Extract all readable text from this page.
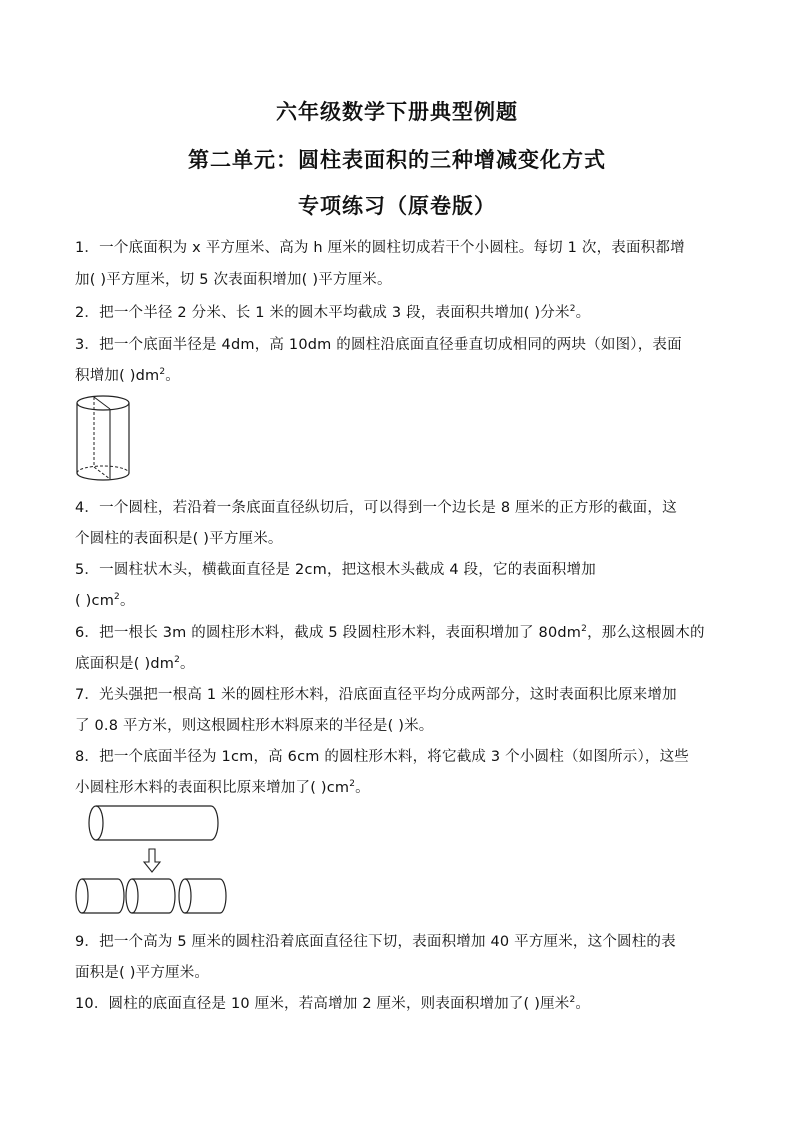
六年级数学下册典型例题
第二单元：圆柱表面积的三种增减变化方式
专项练习（原卷版）
1．一个底面积为 x 平方厘米、高为 h 厘米的圆柱切成若干个小圆柱。每切 1 次，表面积都增
加( )平方厘米，切 5 次表面积增加( )平方厘米。
2．把一个半径 2 分米、长 1 米的圆木平均截成 3 段，表面积共增加( )分米$^2$。
3．把一个底面半径是 4dm，高 10dm 的圆柱沿底面直径垂直切成相同的两块（如图），表面
积增加( )$dm^2$。
4．一个圆柱，若沿着一条底面直径纵切后，可以得到一个边长是 8 厘米的正方形的截面，这
个圆柱的表面积是( )平方厘米。
5．一圆柱状木头，横截面直径是 2cm，把这根木头截成 4 段，它的表面积增加
( )$cm^2$。
6．把一根长 3m 的圆柱形木料，截成 5 段圆柱形木料，表面积增加了 $80dm^2$，那么这根圆木的
底面积是( )$dm^2$。
7．光头强把一根高 1 米的圆柱形木料，沿底面直径平均分成两部分，这时表面积比原来增加
了 0.8 平方米，则这根圆柱形木料原来的半径是( )米。
8．把一个底面半径为 1cm，高 6cm 的圆柱形木料，将它截成 3 个小圆柱（如图所示），这些
小圆柱形木料的表面积比原来增加了( )$cm^2$。
9．把一个高为 5 厘米的圆柱沿着底面直径往下切，表面积增加 40 平方厘米，这个圆柱的表
面积是( )平方厘米。
10．圆柱的底面直径是 10 厘米，若高增加 2 厘米，则表面积增加了( )厘米$^2$。
